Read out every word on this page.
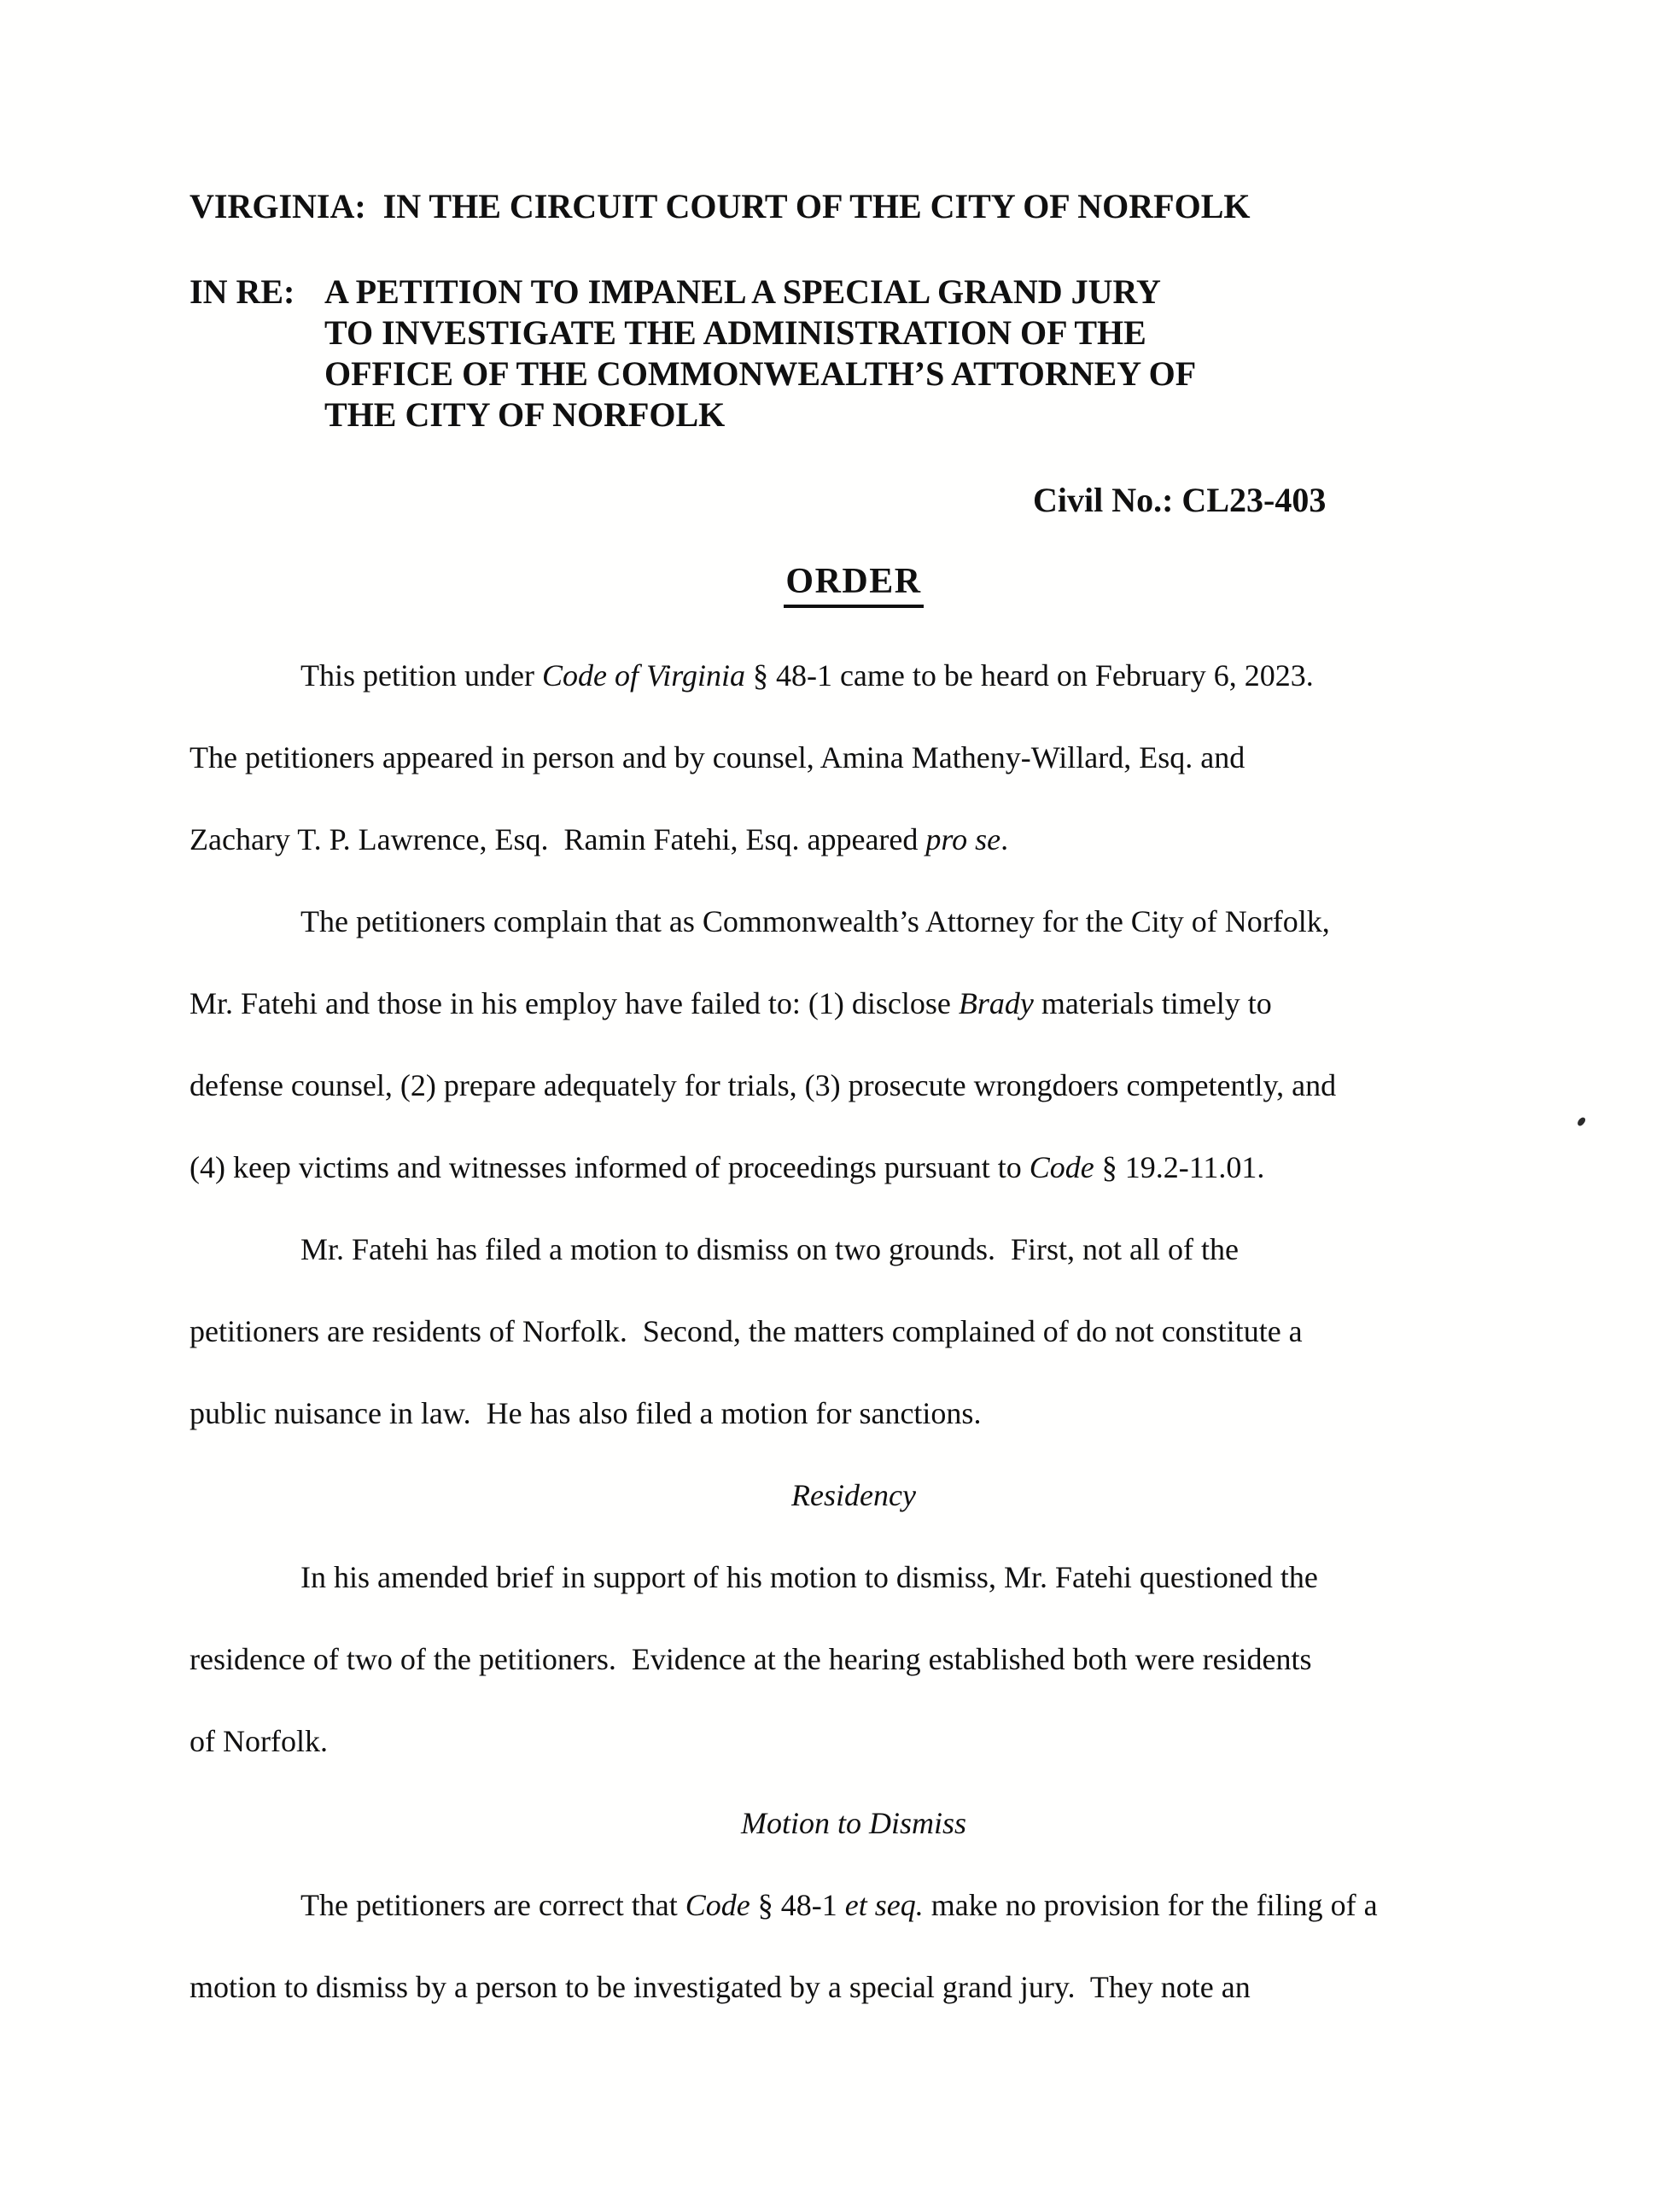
VIRGINIA:  IN THE CIRCUIT COURT OF THE CITY OF NORFOLK
IN RE: A PETITION TO IMPANEL A SPECIAL GRAND JURY
TO INVESTIGATE THE ADMINISTRATION OF THE
OFFICE OF THE COMMONWEALTH’S ATTORNEY OF
THE CITY OF NORFOLK
Civil No.: CL23-403
ORDER
This petition under Code of Virginia § 48-1 came to be heard on February 6, 2023.
The petitioners appeared in person and by counsel, Amina Matheny-Willard, Esq. and
Zachary T. P. Lawrence, Esq.  Ramin Fatehi, Esq. appeared pro se.
The petitioners complain that as Commonwealth’s Attorney for the City of Norfolk,
Mr. Fatehi and those in his employ have failed to: (1) disclose Brady materials timely to
defense counsel, (2) prepare adequately for trials, (3) prosecute wrongdoers competently, and
(4) keep victims and witnesses informed of proceedings pursuant to Code § 19.2-11.01.
Mr. Fatehi has filed a motion to dismiss on two grounds.  First, not all of the
petitioners are residents of Norfolk.  Second, the matters complained of do not constitute a
public nuisance in law.  He has also filed a motion for sanctions.
Residency
In his amended brief in support of his motion to dismiss, Mr. Fatehi questioned the
residence of two of the petitioners.  Evidence at the hearing established both were residents
of Norfolk.
Motion to Dismiss
The petitioners are correct that Code § 48-1 et seq. make no provision for the filing of a
motion to dismiss by a person to be investigated by a special grand jury.  They note an
